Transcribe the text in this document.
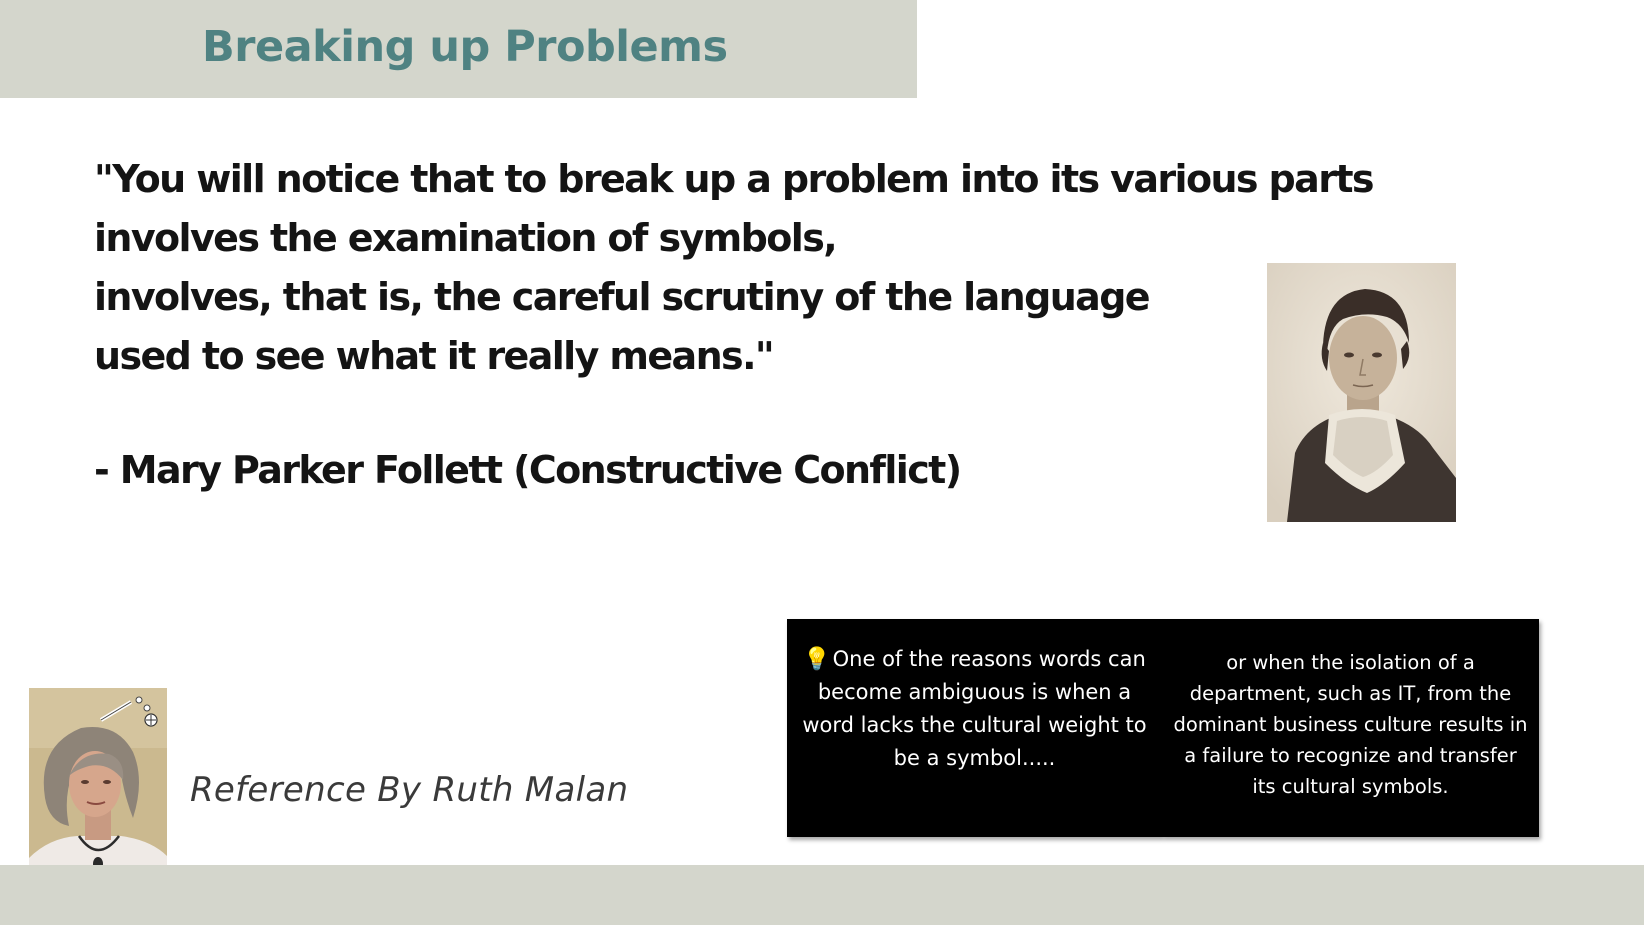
Breaking up Problems
"You will notice that to break up a problem into its various parts
involves the examination of symbols,
involves, that is, the careful scrutiny of the language
used to see what it really means."
- Mary Parker Follett (Constructive Conflict)
Reference By Ruth Malan
💡One of the reasons words can become ambiguous is when a word lacks the cultural weight to be a symbol.....
or when the isolation of a department, such as IT, from the dominant business culture results in a failure to recognize and transfer its cultural symbols.
